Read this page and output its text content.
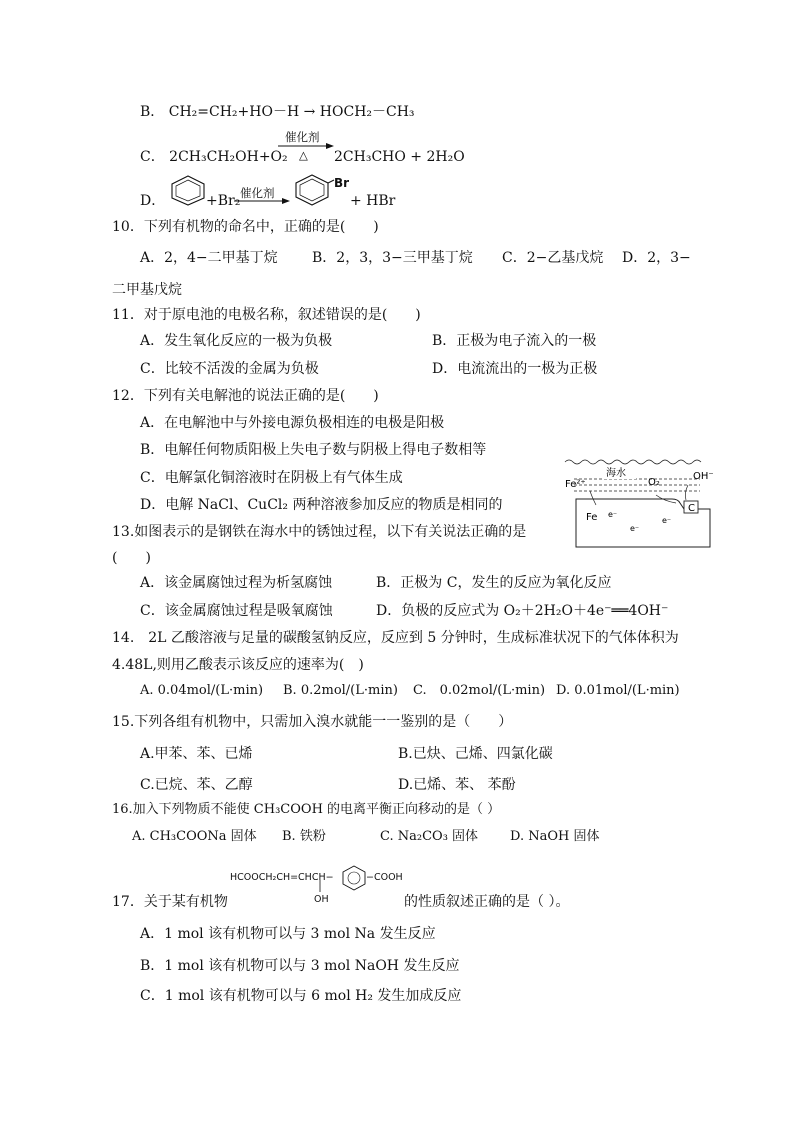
B． CH₂=CH₂+HO－H → HOCH₂－CH₃
C． 2CH₃CH₂OH+O₂
催化剂
△ 2CH₃CHO + 2H₂O
D．	+Br₂ 催化剂
Br
+ HBr
10．下列有机物的命名中，正确的是(　　)
A．2，4−二甲基丁烷 B．2，3，3−三甲基丁烷 C．2−乙基戊烷 D．2，3−
二甲基戊烷
11．对于原电池的电极名称，叙述错误的是(　　)
A．发生氧化反应的一极为负极	B．正极为电子流入的一极
C．比较不活泼的金属为负极	D．电流流出的一极为正极
12．下列有关电解池的说法正确的是(　　)
A．在电解池中与外接电源负极相连的电极是阳极
B．电解任何物质阳极上失电子数与阴极上得电子数相等
C．电解氯化铜溶液时在阴极上有气体生成
D．电解 NaCl、CuCl₂ 两种溶液参加反应的物质是相同的
海水
Fe²⁺	O₂
OH⁻
C
Fe e⁻
e⁻
e⁻
13.如图表示的是钢铁在海水中的锈蚀过程，以下有关说法正确的是
(　　)
A．该金属腐蚀过程为析氢腐蚀	B．正极为 C，发生的反应为氧化反应
C．该金属腐蚀过程是吸氧腐蚀	D．负极的反应式为 O₂＋2H₂O＋4e⁻══4OH⁻
14.　2L 乙酸溶液与足量的碳酸氢钠反应，反应到 5 分钟时，生成标准状况下的气体体积为
4.48L,则用乙酸表示该反应的速率为(　)
A. 0.04mol/(L·min) B. 0.2mol/(L·min) C.　0.02mol/(L·min) D. 0.01mol/(L·min)
15.下列各组有机物中，只需加入溴水就能一一鉴别的是（　　）
A.甲苯、苯、已烯	B.已炔、己烯、四氯化碳
C.已烷、苯、乙醇	D.已烯、苯、 苯酚
16.加入下列物质不能使 CH₃COOH 的电离平衡正向移动的是（ ）
A. CH₃COONa 固体 B. 铁粉	C. Na₂CO₃ 固体 D. NaOH 固体
HCOOCH₂CH=CHCH−	−COOH
OH
17．关于某有机物	的性质叙述正确的是（ ）。
A．1 mol 该有机物可以与 3 mol Na 发生反应
B．1 mol 该有机物可以与 3 mol NaOH 发生反应
C．1 mol 该有机物可以与 6 mol H₂ 发生加成反应
